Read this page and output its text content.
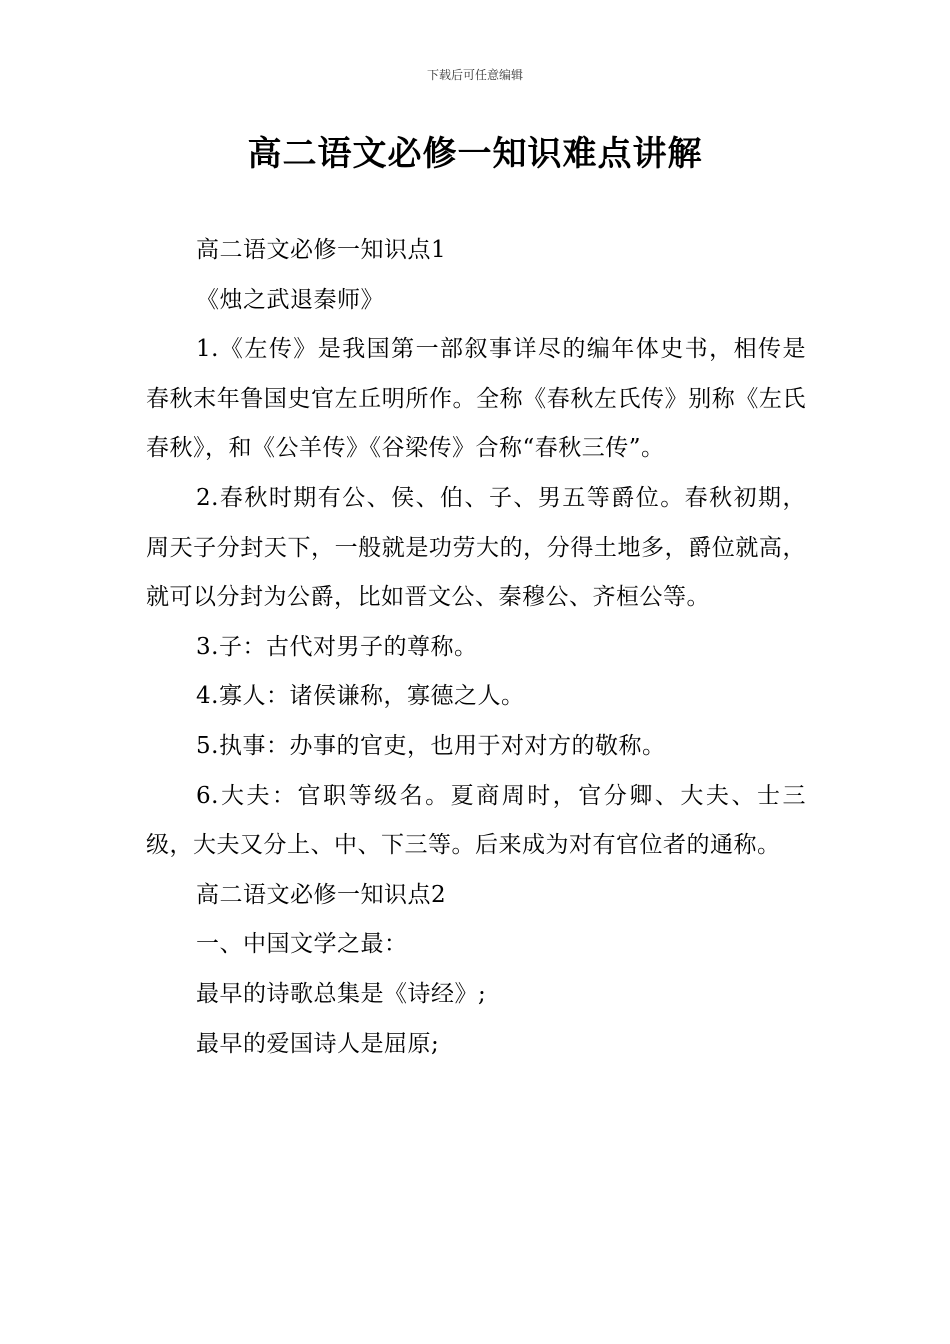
下载后可任意编辑
高二语文必修一知识难点讲解

高二语文必修一知识点1

《烛之武退秦师》

1.《左传》是我国第一部叙事详尽的编年体史书，相传是春秋末年鲁国史官左丘明所作。全称《春秋左氏传》别称《左氏春秋》，和《公羊传》《谷梁传》合称“春秋三传”。

2.春秋时期有公、侯、伯、子、男五等爵位。春秋初期，周天子分封天下，一般就是功劳大的，分得土地多，爵位就高，就可以分封为公爵，比如晋文公、秦穆公、齐桓公等。

3.子：古代对男子的尊称。

4.寡人：诸侯谦称，寡德之人。

5.执事：办事的官吏，也用于对对方的敬称。

6.大夫：官职等级名。夏商周时，官分卿、大夫、士三级，大夫又分上、中、下三等。后来成为对有官位者的通称。

高二语文必修一知识点2

一、中国文学之最：

最早的诗歌总集是《诗经》;

最早的爱国诗人是屈原;
